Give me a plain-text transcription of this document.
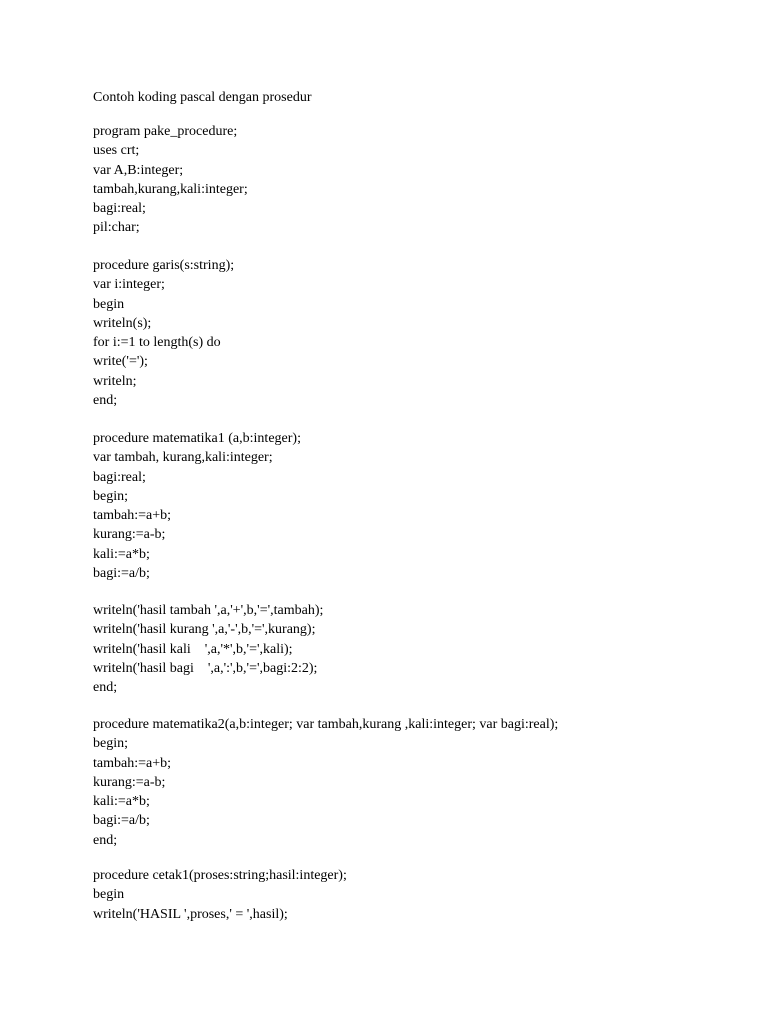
Contoh koding pascal dengan prosedur
program pake_procedure;
uses crt;
var A,B:integer;
tambah,kurang,kali:integer;
bagi:real;
pil:char;
procedure garis(s:string);
var i:integer;
begin
writeln(s);
for i:=1 to length(s) do
write('=');
writeln;
end;
procedure matematika1 (a,b:integer);
var tambah, kurang,kali:integer;
bagi:real;
begin;
tambah:=a+b;
kurang:=a-b;
kali:=a*b;
bagi:=a/b;
writeln('hasil tambah ',a,'+',b,'=',tambah);
writeln('hasil kurang ',a,'-',b,'=',kurang);
writeln('hasil kali    ',a,'*',b,'=',kali);
writeln('hasil bagi    ',a,':',b,'=',bagi:2:2);
end;
procedure matematika2(a,b:integer; var tambah,kurang ,kali:integer; var bagi:real);
begin;
tambah:=a+b;
kurang:=a-b;
kali:=a*b;
bagi:=a/b;
end;
procedure cetak1(proses:string;hasil:integer);
begin
writeln('HASIL ',proses,' = ',hasil);
